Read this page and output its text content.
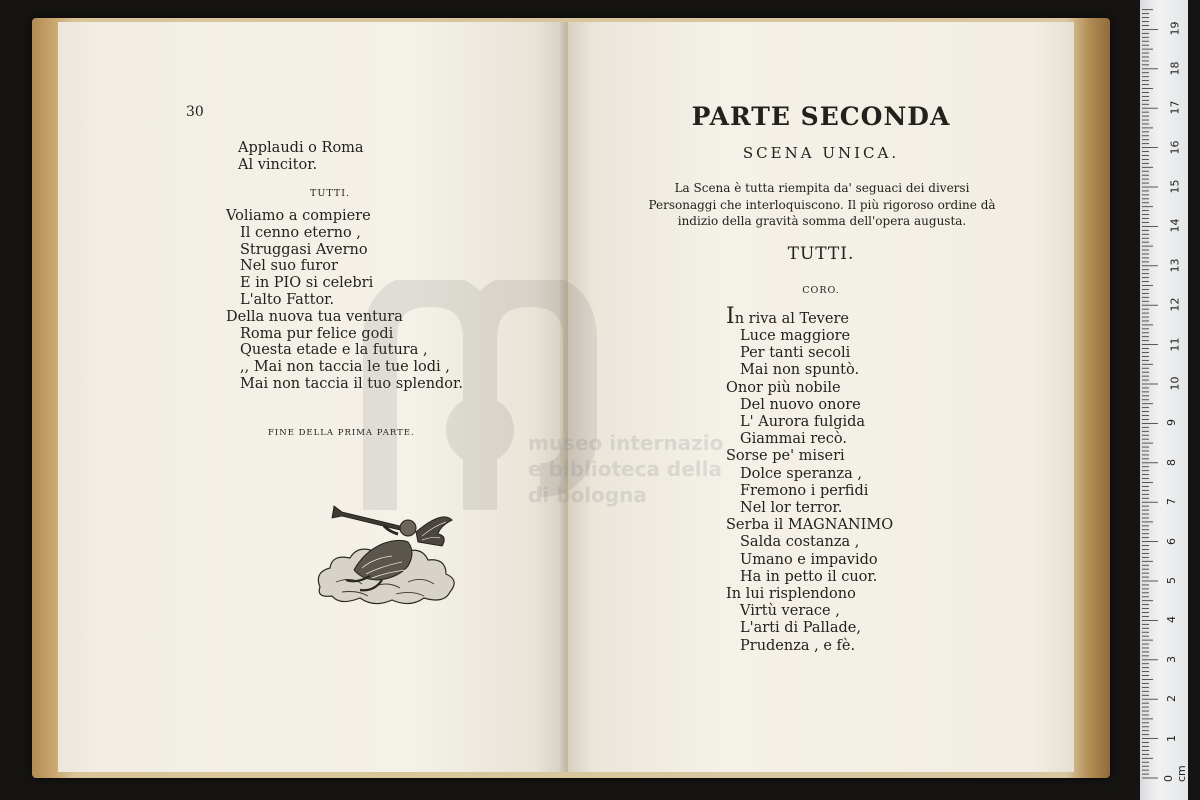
30
Applaudi o Roma
Al vincitor.
TUTTI.
Voliamo a compiere
Il cenno eterno ,
Struggasi Averno
Nel suo furor
E in PIO si celebri
L'alto Fattor.
Della nuova tua ventura
Roma pur felice godi
Questa etade e la futura ,
,, Mai non taccia le tue lodi ,
Mai non taccia il tuo splendor.
FINE DELLA PRIMA PARTE.
PARTE SECONDA
SCENA UNICA.
La Scena è tutta riempita da' seguaci dei diversi Personaggi che interloquiscono. Il più rigoroso ordine dà indizio della gravità somma dell'opera augusta.
TUTTI.
CORO.
In riva al Tevere
Luce maggiore
Per tanti secoli
Mai non spuntò.
Onor più nobile
Del nuovo onore
L' Aurora fulgida
Giammai recò.
Sorse pe' miseri
Dolce speranza ,
Fremono i perfidi
Nel lor terror.
Serba il MAGNANIMO
Salda costanza ,
Umano e impavido
Ha in petto il cuor.
In lui risplendono
Virtù verace ,
L'arti di Pallade,
Prudenza , e fè.
museo internazio
e biblioteca della
di bologna
0 cm
1
2
3
4
5
6
7
8
9
10
11
12
13
14
15
16
17
18
19
